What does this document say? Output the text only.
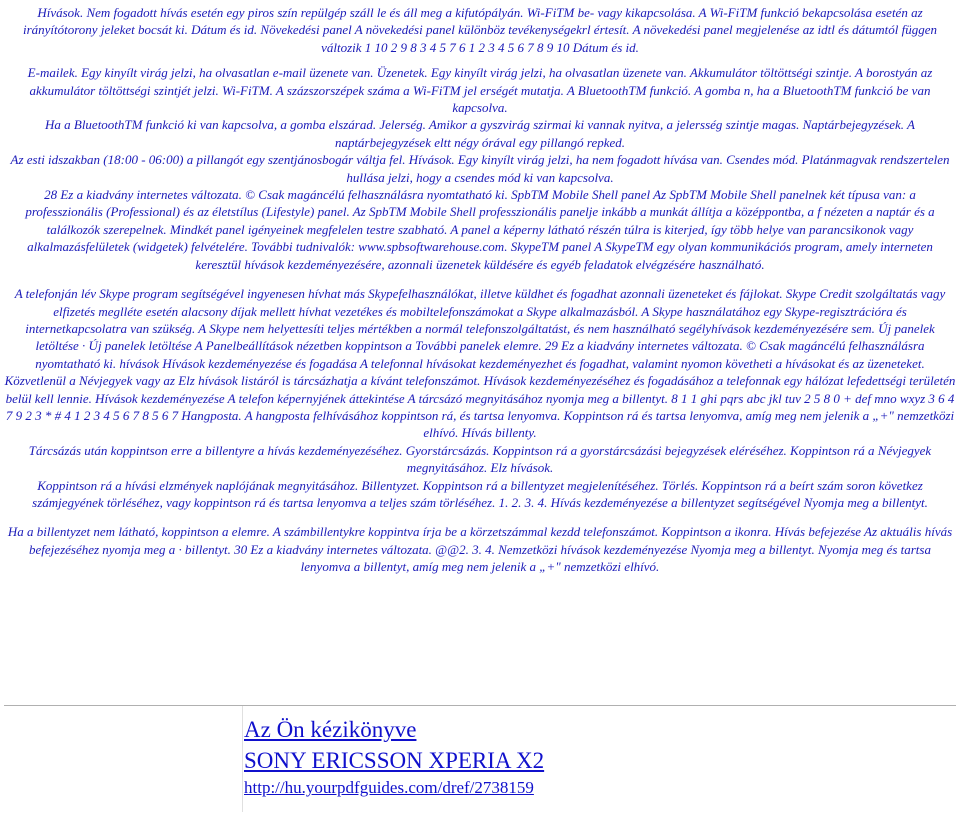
Hívások. Nem fogadott hívás esetén egy piros szín repülgép száll le és áll meg a kifutópályán. Wi-FiTM be- vagy kikapcsolása. A Wi-FiTM funkció bekapcsolása esetén az irányítótorony jeleket bocsát ki. Dátum és id. Növekedési panel A növekedési panel különböz tevékenységekrl értesít. A növekedési panel megjelenése az idtl és dátumtól függen változik 1 10 2 9 8 3 4 5 7 6 1 2 3 4 5 6 7 8 9 10 Dátum és id.

E-mailek. Egy kinyílt virág jelzi, ha olvasatlan e-mail üzenete van. Üzenetek. Egy kinyílt virág jelzi, ha olvasatlan üzenete van. Akkumulátor töltöttségi szintje. A borostyán az akkumulátor töltöttségi szintjét jelzi. Wi-FiTM. A százszorszépek száma a Wi-FiTM jel erségét mutatja. A BluetoothTM funkció. A gomba n, ha a BluetoothTM funkció be van kapcsolva.

Ha a BluetoothTM funkció ki van kapcsolva, a gomba elszárad. Jelerség. Amikor a gyszvirág szirmai ki vannak nyitva, a jelersség szintje magas. Naptárbejegyzések. A naptárbejegyzések eltt négy órával egy pillangó repked.

Az esti idszakban (18:00 - 06:00) a pillangót egy szentjánosbogár váltja fel. Hívások. Egy kinyílt virág jelzi, ha nem fogadott hívása van. Csendes mód. Platánmagvak rendszertelen hullása jelzi, hogy a csendes mód ki van kapcsolva.

28 Ez a kiadvány internetes változata. © Csak magáncélú felhasználásra nyomtatható ki. SpbTM Mobile Shell panel Az SpbTM Mobile Shell panelnek két típusa van: a professzionális (Professional) és az életstílus (Lifestyle) panel. Az SpbTM Mobile Shell professzionális panelje inkább a munkát állítja a középpontba, a f nézeten a naptár és a találkozók szerepelnek. Mindkét panel igényeinek megfelelen testre szabható. A panel a képerny látható részén túlra is kiterjed, így több helye van parancsikonok vagy alkalmazásfelületek (widgetek) felvételére. További tudnivalók: www.spbsoftwarehouse.com. SkypeTM panel A SkypeTM egy olyan kommunikációs program, amely interneten keresztül hívások kezdeményezésére, azonnali üzenetek küldésére és egyéb feladatok elvégzésére használható.

A telefonján lév Skype program segítségével ingyenesen hívhat más Skypefelhasználókat, illetve küldhet és fogadhat azonnali üzeneteket és fájlokat. Skype Credit szolgáltatás vagy elfizetés meglléte esetén alacsony díjak mellett hívhat vezetékes és mobiltelefonszámokat a Skype alkalmazásból. A Skype használatához egy Skype-regisztrációra és internetkapcsolatra van szükség. A Skype nem helyettesíti teljes mértékben a normál telefonszolgáltatást, és nem használható segélyhívások kezdeményezésére sem. Új panelek letöltése · Új panelek letöltése A Panelbeállítások nézetben koppintson a További panelek elemre. 29 Ez a kiadvány internetes változata. © Csak magáncélú felhasználásra nyomtatható ki. hívások Hívások kezdeményezése és fogadása A telefonnal hívásokat kezdeményezhet és fogadhat, valamint nyomon követheti a hívásokat és az üzeneteket. Közvetlenül a Névjegyek vagy az Elz hívások listáról is tárcsázhatja a kívánt telefonszámot. Hívások kezdeményezéséhez és fogadásához a telefonnak egy hálózat lefedettségi területén belül kell lennie. Hívások kezdeményezése A telefon képernyjének áttekintése A tárcsázó megnyitásához nyomja meg a billentyt. 8 1 1 ghi pqrs abc jkl tuv 2 5 8 0 + def mno wxyz 3 6 4 7 9 2 3 * # 4 1 2 3 4 5 6 7 8 5 6 7 Hangposta. A hangposta felhívásához koppintson rá, és tartsa lenyomva. Koppintson rá és tartsa lenyomva, amíg meg nem jelenik a „+" nemzetközi elhívó. Hívás billenty.

Tárcsázás után koppintson erre a billentyre a hívás kezdeményezéséhez. Gyorstárcsázás. Koppintson rá a gyorstárcsázási bejegyzések eléréséhez. Koppintson rá a Névjegyek megnyitásához. Elz hívások.

Koppintson rá a hívási elzmények naplójának megnyitásához. Billentyzet. Koppintson rá a billentyzet megjelenítéséhez. Törlés. Koppintson rá a beírt szám soron következ számjegyének törléséhez, vagy koppintson rá és tartsa lenyomva a teljes szám törléséhez. 1. 2. 3. 4. Hívás kezdeményezése a billentyzet segítségével Nyomja meg a billentyt.

Ha a billentyzet nem látható, koppintson a elemre. A számbillentykre koppintva írja be a körzetszámmal kezdd telefonszámot. Koppintson a ikonra. Hívás befejezése Az aktuális hívás befejezéséhez nyomja meg a · billentyt. 30 Ez a kiadvány internetes változata. @@2. 3. 4. Nemzetközi hívások kezdeményezése Nyomja meg a billentyt. Nyomja meg és tartsa lenyomva a billentyt, amíg meg nem jelenik a „+" nemzetközi elhívó.

Az Ön kézikönyve
SONY ERICSSON XPERIA X2
http://hu.yourpdfguides.com/dref/2738159
